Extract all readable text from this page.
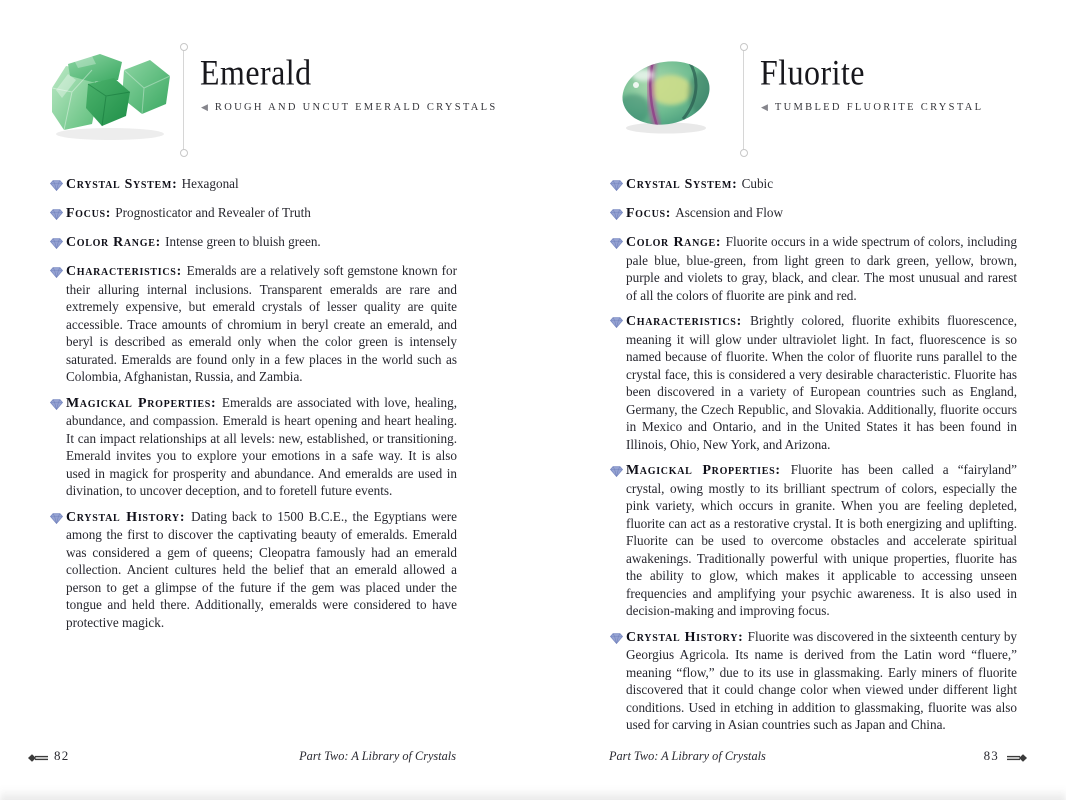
Emerald
◀ ROUGH AND UNCUT EMERALD CRYSTALS

Crystal System: Hexagonal

Focus: Prognosticator and Revealer of Truth

Color Range: Intense green to bluish green.

Characteristics: Emeralds are a relatively soft gemstone known for their alluring internal inclusions. Transparent emeralds are rare and extremely expensive, but emerald crystals of lesser quality are quite accessible. Trace amounts of chromium in beryl create an emerald, and beryl is described as emerald only when the color green is intensely saturated. Emeralds are found only in a few places in the world such as Colombia, Afghanistan, Russia, and Zambia.

Magickal Properties: Emeralds are associated with love, healing, abundance, and compassion. Emerald is heart opening and heart healing. It can impact relationships at all levels: new, established, or transitioning. Emerald invites you to explore your emotions in a safe way. It is also used in magick for prosperity and abundance. And emeralds are used in divination, to uncover deception, and to foretell future events.

Crystal History: Dating back to 1500 B.C.E., the Egyptians were among the first to discover the captivating beauty of emeralds. Emerald was considered a gem of queens; Cleopatra famously had an emerald collection. Ancient cultures held the belief that an emerald allowed a person to get a glimpse of the future if the gem was placed under the tongue and held there. Additionally, emeralds were considered to have protective magick.

82	Part Two: A Library of Crystals
Fluorite
◀ TUMBLED FLUORITE CRYSTAL

Crystal System: Cubic

Focus: Ascension and Flow

Color Range: Fluorite occurs in a wide spectrum of colors, including pale blue, blue-green, from light green to dark green, yellow, brown, purple and violets to gray, black, and clear. The most unusual and rarest of all the colors of fluorite are pink and red.

Characteristics: Brightly colored, fluorite exhibits fluorescence, meaning it will glow under ultraviolet light. In fact, fluorescence is so named because of fluorite. When the color of fluorite runs parallel to the crystal face, this is considered a very desirable characteristic. Fluorite has been discovered in a variety of European countries such as England, Germany, the Czech Republic, and Slovakia. Additionally, fluorite occurs in Mexico and Ontario, and in the United States it has been found in Illinois, Ohio, New York, and Arizona.

Magickal Properties: Fluorite has been called a “fairyland” crystal, owing mostly to its brilliant spectrum of colors, especially the pink variety, which occurs in granite. When you are feeling depleted, fluorite can act as a restorative crystal. It is both energizing and uplifting. Fluorite can be used to overcome obstacles and accelerate spiritual awakenings. Traditionally powerful with unique properties, fluorite has the ability to glow, which makes it applicable to accessing unseen frequencies and amplifying your psychic awareness. It is also used in decision-making and improving focus.

Crystal History: Fluorite was discovered in the sixteenth century by Georgius Agricola. Its name is derived from the Latin word “fluere,” meaning “flow,” due to its use in glassmaking. Early miners of fluorite discovered that it could change color when viewed under different light conditions. Used in etching in addition to glassmaking, fluorite was also used for carving in Asian countries such as Japan and China.

Part Two: A Library of Crystals	83
